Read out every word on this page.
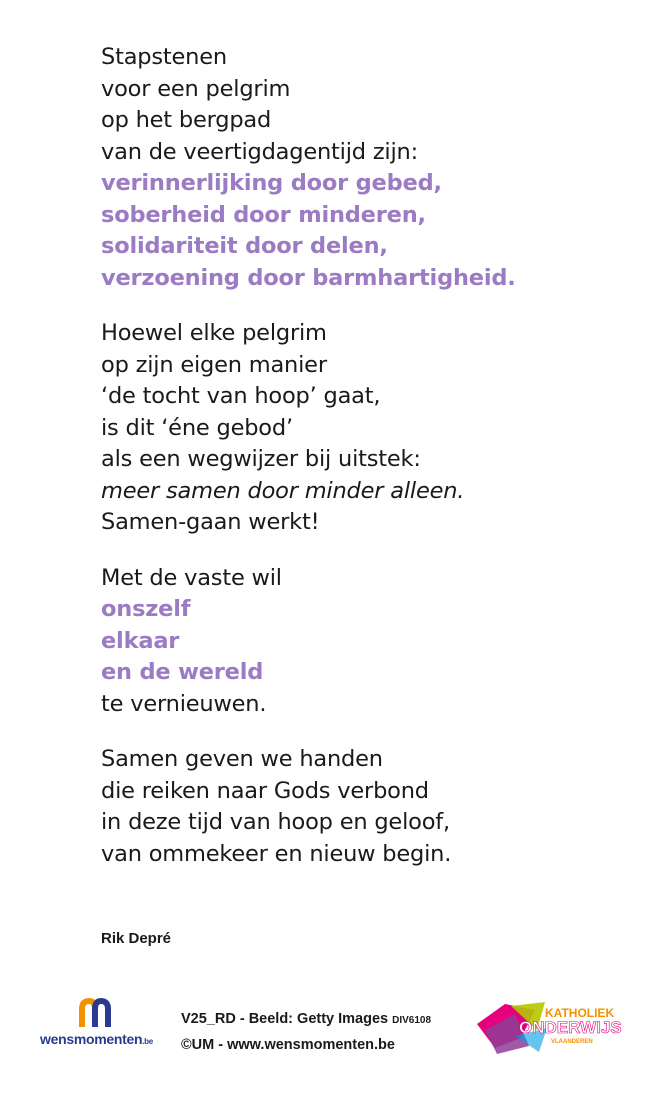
Stapstenen
voor een pelgrim
op het bergpad
van de veertigdagentijd zijn:
verinnerlijking door gebed,
soberheid door minderen,
solidariteit door delen,
verzoening door barmhartigheid.
Hoewel elke pelgrim
op zijn eigen manier
‘de tocht van hoop’ gaat,
is dit ‘éne gebod’
als een wegwijzer bij uitstek:
meer samen door minder alleen.
Samen-gaan werkt!
Met de vaste wil
onszelf
elkaar
en de wereld
te vernieuwen.
Samen geven we handen
die reiken naar Gods verbond
in deze tijd van hoop en geloof,
van ommekeer en nieuw begin.
Rik Depré
wensmomenten.be
V25_RD - Beeld: Getty Images DIV6108
©UM - www.wensmomenten.be
KATHOLIEK
ONDERWIJS
VLAANDEREN
